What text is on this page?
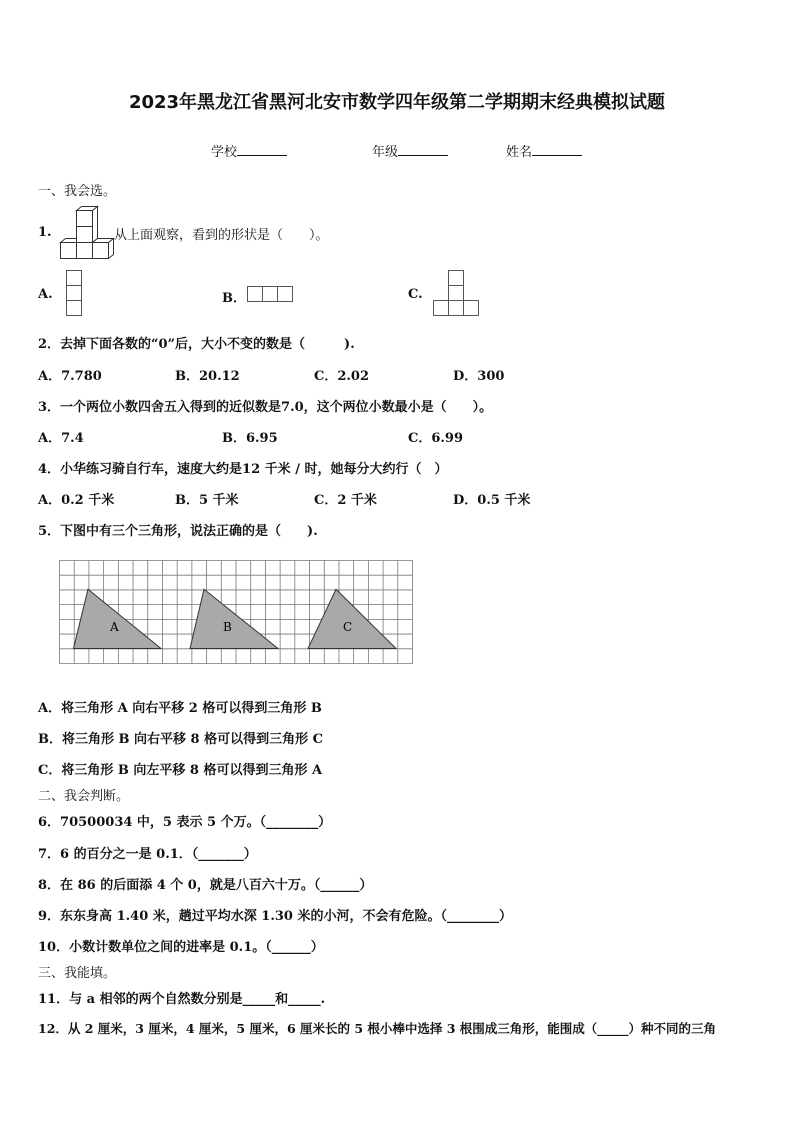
2023年黑龙江省黑河北安市数学四年级第二学期期末经典模拟试题
学校	年级	姓名
一、我会选。
1.	从上面观察，看到的形状是（　　）。
A.	B．	C.
2．去掉下面各数的“0”后，大小不变的数是（　　　).
A．7.780	B．20.12	C．2.02	D．300
3．一个两位小数四舍五入得到的近似数是7.0，这个两位小数最小是（　　）。
A．7.4	B．6.95	C．6.99
4．小华练习骑自行车，速度大约是12 千米 / 时，她每分大约行（　）
A．0.2 千米	B．5 千米	C．2 千米	D．0.5 千米
5．下图中有三个三角形，说法正确的是（　　).
A	B	C
A．将三角形 A 向右平移 2 格可以得到三角形 B
B．将三角形 B 向右平移 8 格可以得到三角形 C
C．将三角形 B 向左平移 8 格可以得到三角形 A
二、我会判断。
6．70500034 中，5 表示 5 个万。（________）
7．6 的百分之一是 0.1．（_______）
8．在 86 的后面添 4 个 0，就是八百六十万。（______）
9．东东身高 1.40 米，趟过平均水深 1.30 米的小河，不会有危险。（________）
10．小数计数单位之间的进率是 0.1。（______）
三、我能填。
11．与 a 相邻的两个自然数分别是_____和_____.
12．从 2 厘米，3 厘米，4 厘米，5 厘米，6 厘米长的 5 根小棒中选择 3 根围成三角形，能围成（_____）种不同的三角
